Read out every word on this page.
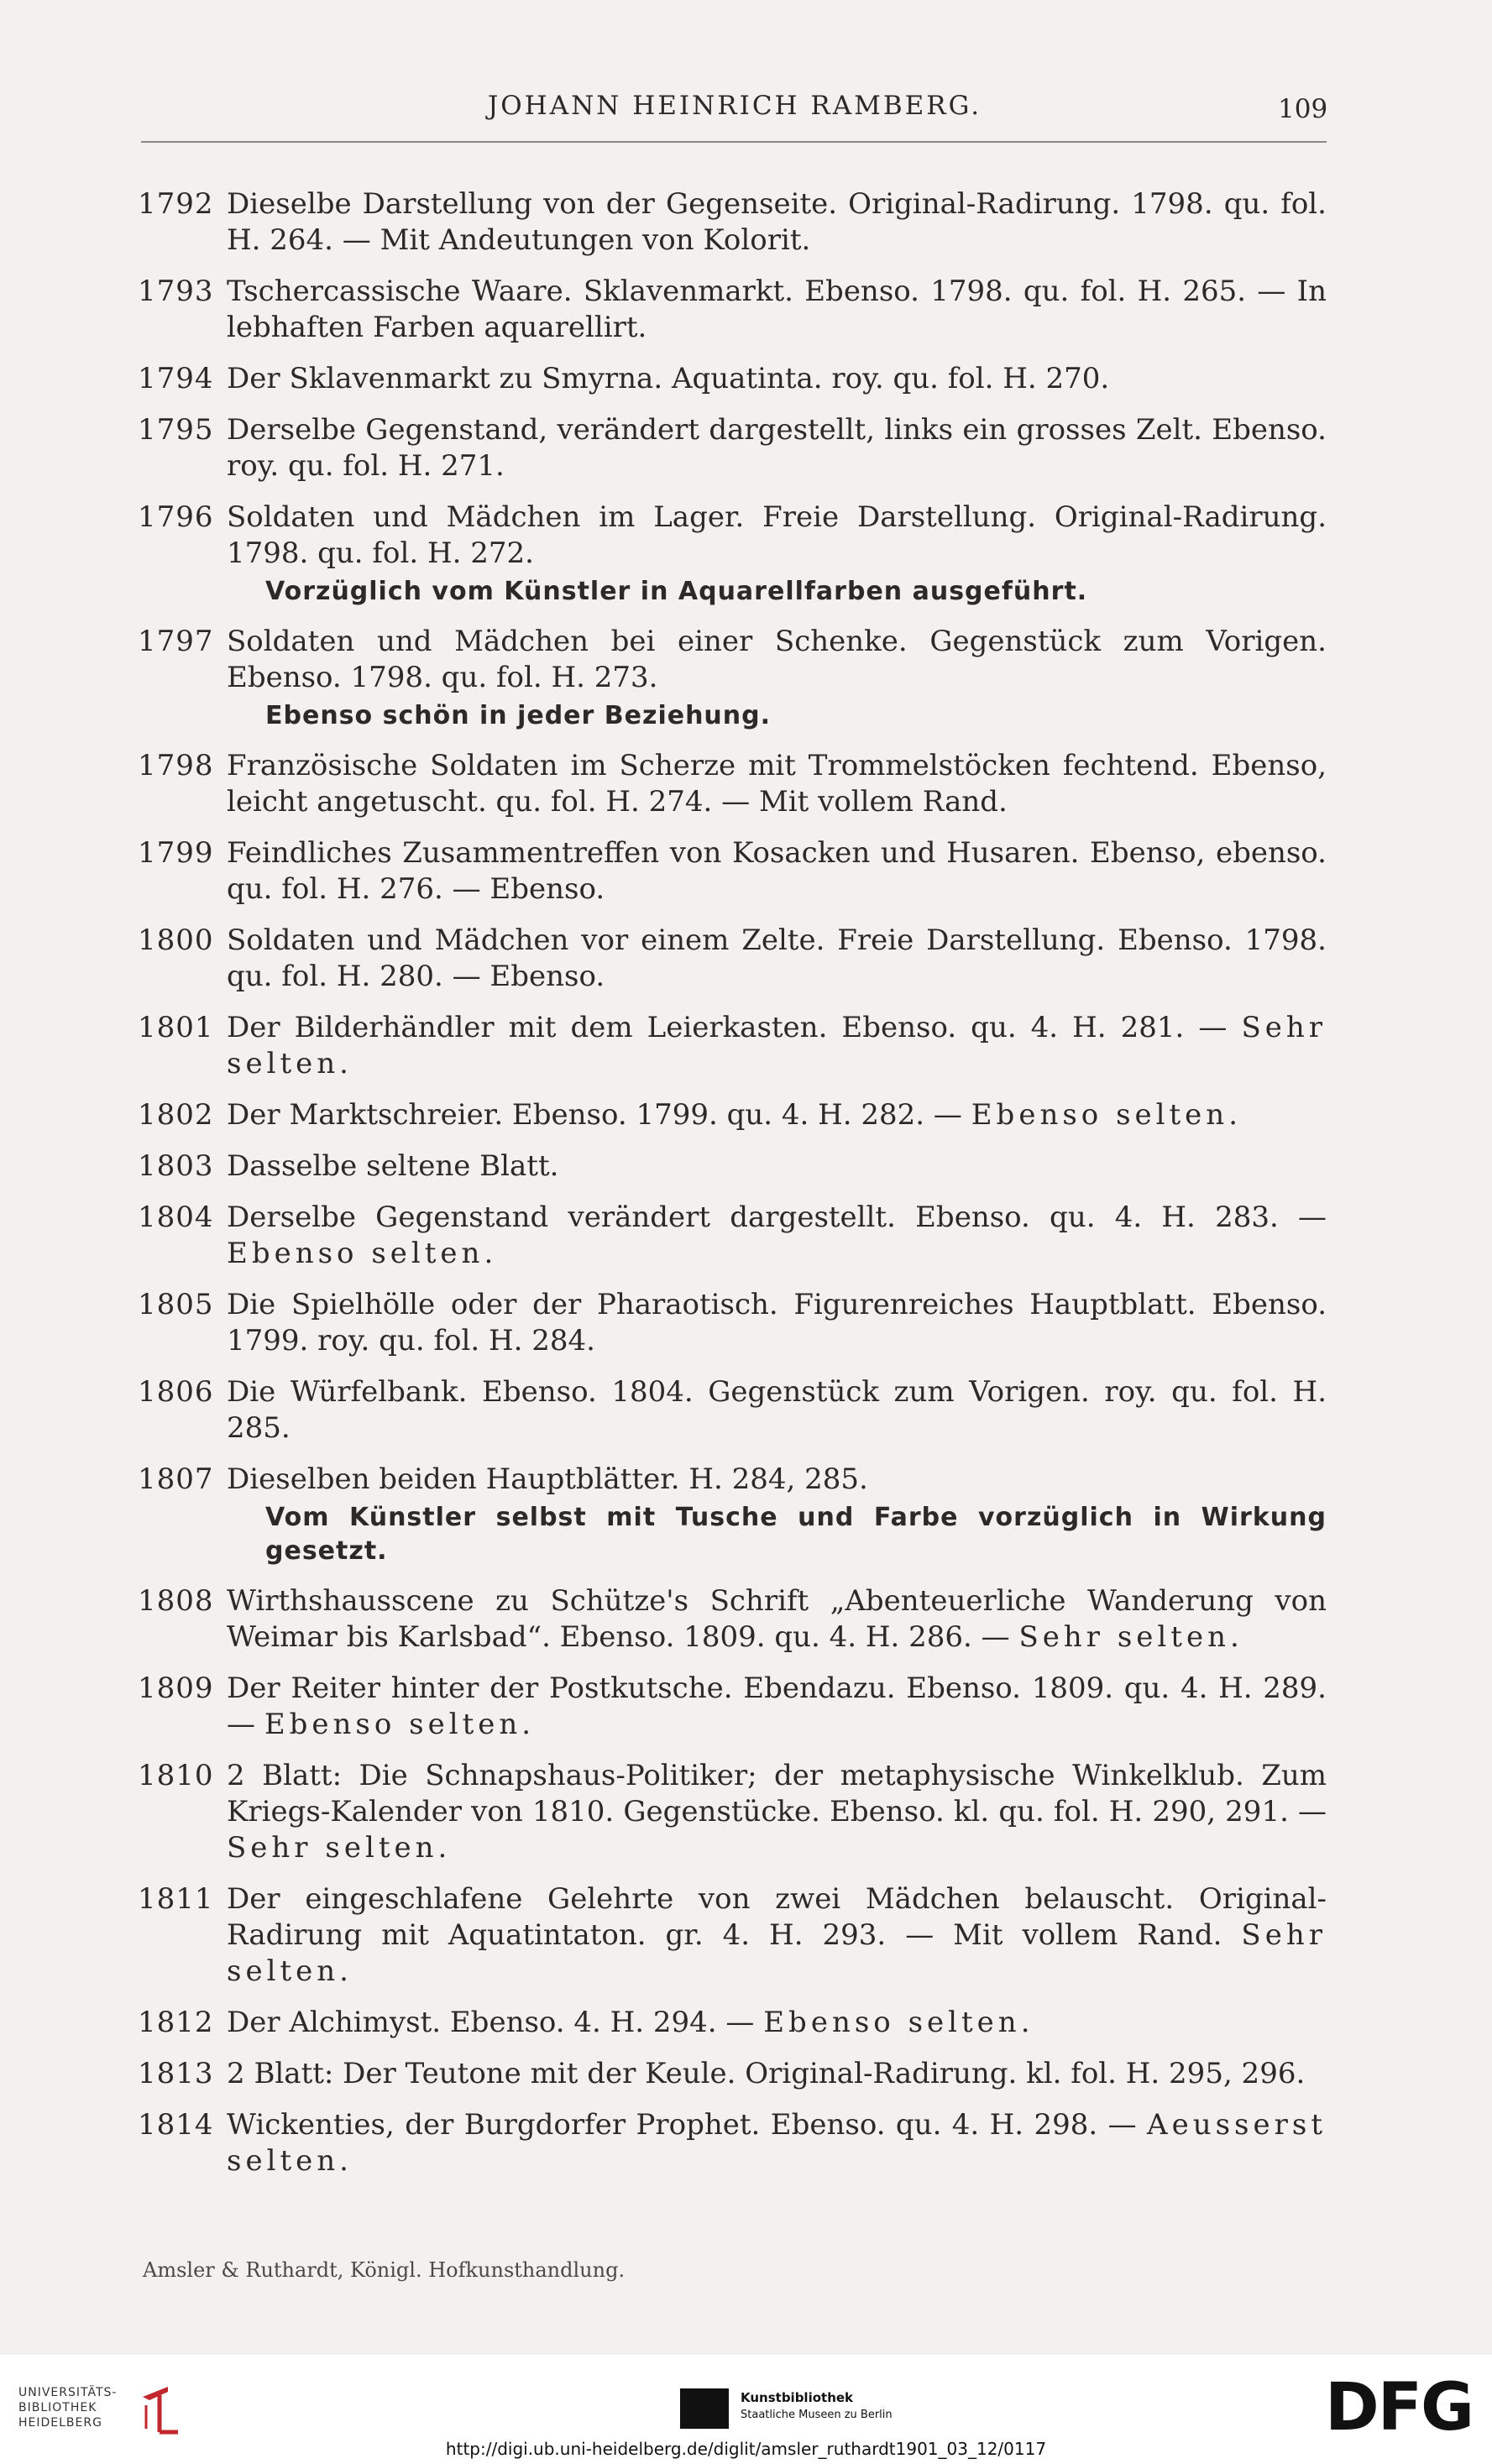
JOHANN HEINRICH RAMBERG.	109
1792 Dieselbe Darstellung von der Gegenseite. Original-Radirung. 1798. qu. fol. H. 264. — Mit Andeutungen von Kolorit.
1793 Tschercassische Waare. Sklavenmarkt. Ebenso. 1798. qu. fol. H. 265. — In lebhaften Farben aquarellirt.
1794 Der Sklavenmarkt zu Smyrna. Aquatinta. roy. qu. fol. H. 270.
1795 Derselbe Gegenstand, verändert dargestellt, links ein grosses Zelt. Ebenso. roy. qu. fol. H. 271.
1796 Soldaten und Mädchen im Lager. Freie Darstellung. Original-Radirung. 1798. qu. fol. H. 272.
Vorzüglich vom Künstler in Aquarellfarben ausgeführt.
1797 Soldaten und Mädchen bei einer Schenke. Gegenstück zum Vorigen. Ebenso. 1798. qu. fol. H. 273.
Ebenso schön in jeder Beziehung.
1798 Französische Soldaten im Scherze mit Trommelstöcken fechtend. Ebenso, leicht angetuscht. qu. fol. H. 274. — Mit vollem Rand.
1799 Feindliches Zusammentreffen von Kosacken und Husaren. Ebenso, ebenso. qu. fol. H. 276. — Ebenso.
1800 Soldaten und Mädchen vor einem Zelte. Freie Darstellung. Ebenso. 1798. qu. fol. H. 280. — Ebenso.
1801 Der Bilderhändler mit dem Leierkasten. Ebenso. qu. 4. H. 281. — Sehr selten.
1802 Der Marktschreier. Ebenso. 1799. qu. 4. H. 282. — Ebenso selten.
1803 Dasselbe seltene Blatt.
1804 Derselbe Gegenstand verändert dargestellt. Ebenso. qu. 4. H. 283. — Ebenso selten.
1805 Die Spielhölle oder der Pharaotisch. Figurenreiches Hauptblatt. Ebenso. 1799. roy. qu. fol. H. 284.
1806 Die Würfelbank. Ebenso. 1804. Gegenstück zum Vorigen. roy. qu. fol. H. 285.
1807 Dieselben beiden Hauptblätter. H. 284, 285.
Vom Künstler selbst mit Tusche und Farbe vorzüglich in Wirkung gesetzt.
1808 Wirthshausscene zu Schütze's Schrift „Abenteuerliche Wanderung von Weimar bis Karlsbad“. Ebenso. 1809. qu. 4. H. 286. — Sehr selten.
1809 Der Reiter hinter der Postkutsche. Ebendazu. Ebenso. 1809. qu. 4. H. 289. — Ebenso selten.
1810 2 Blatt: Die Schnapshaus-Politiker; der metaphysische Winkelklub. Zum Kriegs-Kalender von 1810. Gegenstücke. Ebenso. kl. qu. fol. H. 290, 291. — Sehr selten.
1811 Der eingeschlafene Gelehrte von zwei Mädchen belauscht. Original-Radirung mit Aquatintaton. gr. 4. H. 293. — Mit vollem Rand. Sehr selten.
1812 Der Alchimyst. Ebenso. 4. H. 294. — Ebenso selten.
1813 2 Blatt: Der Teutone mit der Keule. Original-Radirung. kl. fol. H. 295, 296.
1814 Wickenties, der Burgdorfer Prophet. Ebenso. qu. 4. H. 298. — Aeusserst selten.
Amsler & Ruthardt, Königl. Hofkunsthandlung.
UNIVERSITÄTS-
BIBLIOTHEK
HEIDELBERG
Kunstbibliothek
Staatliche Museen zu Berlin	DFG
http://digi.ub.uni-heidelberg.de/diglit/amsler_ruthardt1901_03_12/0117
